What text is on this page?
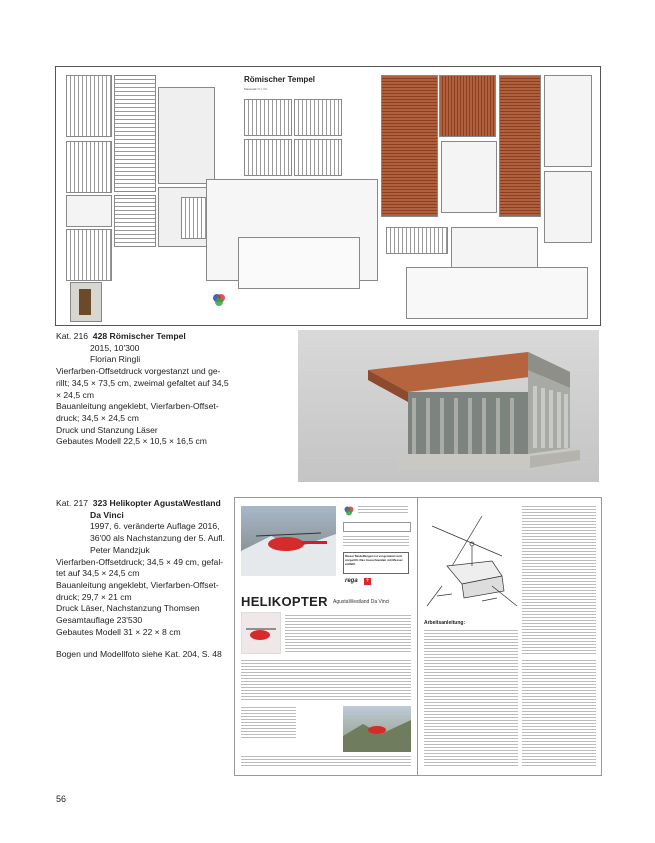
Römischer Tempel
Massstab N = On

Kat. 216 428 Römischer Tempel

2015, 10'300

Florian Ringli

Vierfarben-Offsetdruck vorgestanzt und ge-

rillt; 34,5 × 73,5 cm, zweimal gefaltet auf 34,5

× 24,5 cm

Bauanleitung angeklebt, Vierfarben-Offset-

druck; 34,5 × 24,5 cm

Druck und Stanzung Läser

Gebautes Modell 22,5 × 10,5 × 16,5 cm

Kat. 217 323 Helikopter AgustaWestland

Da Vinci

1997, 6. veränderte Auflage 2016,

36'00 als Nachstanzung der 5. Aufl.

Peter Mandzjuk

Vierfarben-Offsetdruck; 34,5 × 49 cm, gefal-

tet auf 34,5 × 24,5 cm

Bauanleitung angeklebt, Vierfarben-Offset-

druck; 29,7 × 21 cm

Druck Läser, Nachstanzung Thomsen

Gesamtauflage 23'530

Gebautes Modell 31 × 22 × 8 cm

Bogen und Modellfoto siehe Kat. 204, S. 48

Dieser Modellbogen ist vorgestanzt und vorgerillt. Das Ausschneiden mit Messer entfällt.
rega +
HELIKOPTER AgustaWestland Da Vinci
Arbeitsanleitung:
56
